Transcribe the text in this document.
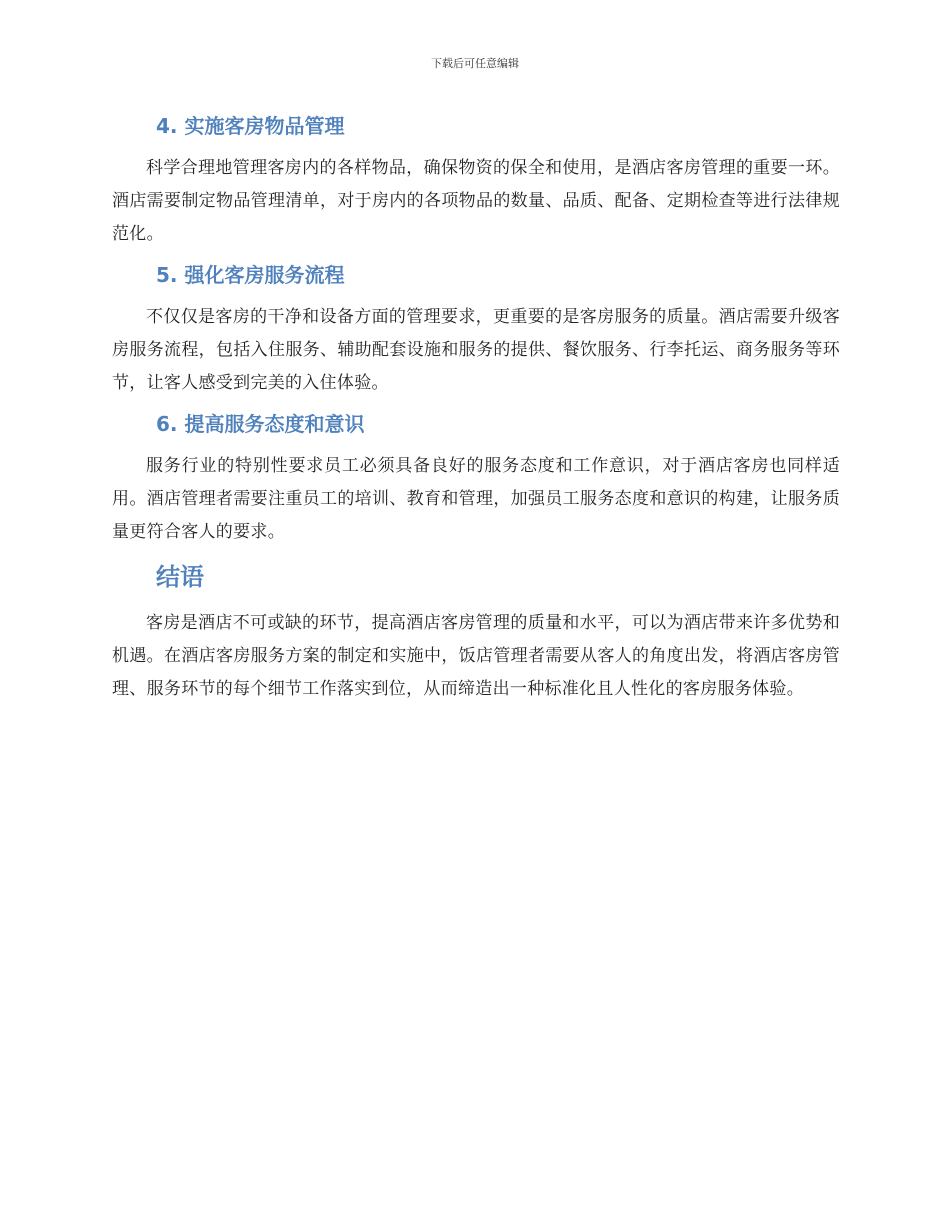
下载后可任意编辑
4. 实施客房物品管理

科学合理地管理客房内的各样物品，确保物资的保全和使用，是酒店客房管理的重要一环。酒店需要制定物品管理清单，对于房内的各项物品的数量、品质、配备、定期检查等进行法律规范化。

5. 强化客房服务流程

不仅仅是客房的干净和设备方面的管理要求，更重要的是客房服务的质量。酒店需要升级客房服务流程，包括入住服务、辅助配套设施和服务的提供、餐饮服务、行李托运、商务服务等环节，让客人感受到完美的入住体验。

6. 提高服务态度和意识

服务行业的特别性要求员工必须具备良好的服务态度和工作意识，对于酒店客房也同样适用。酒店管理者需要注重员工的培训、教育和管理，加强员工服务态度和意识的构建，让服务质量更符合客人的要求。

结语

客房是酒店不可或缺的环节，提高酒店客房管理的质量和水平，可以为酒店带来许多优势和机遇。在酒店客房服务方案的制定和实施中，饭店管理者需要从客人的角度出发，将酒店客房管理、服务环节的每个细节工作落实到位，从而缔造出一种标准化且人性化的客房服务体验。
